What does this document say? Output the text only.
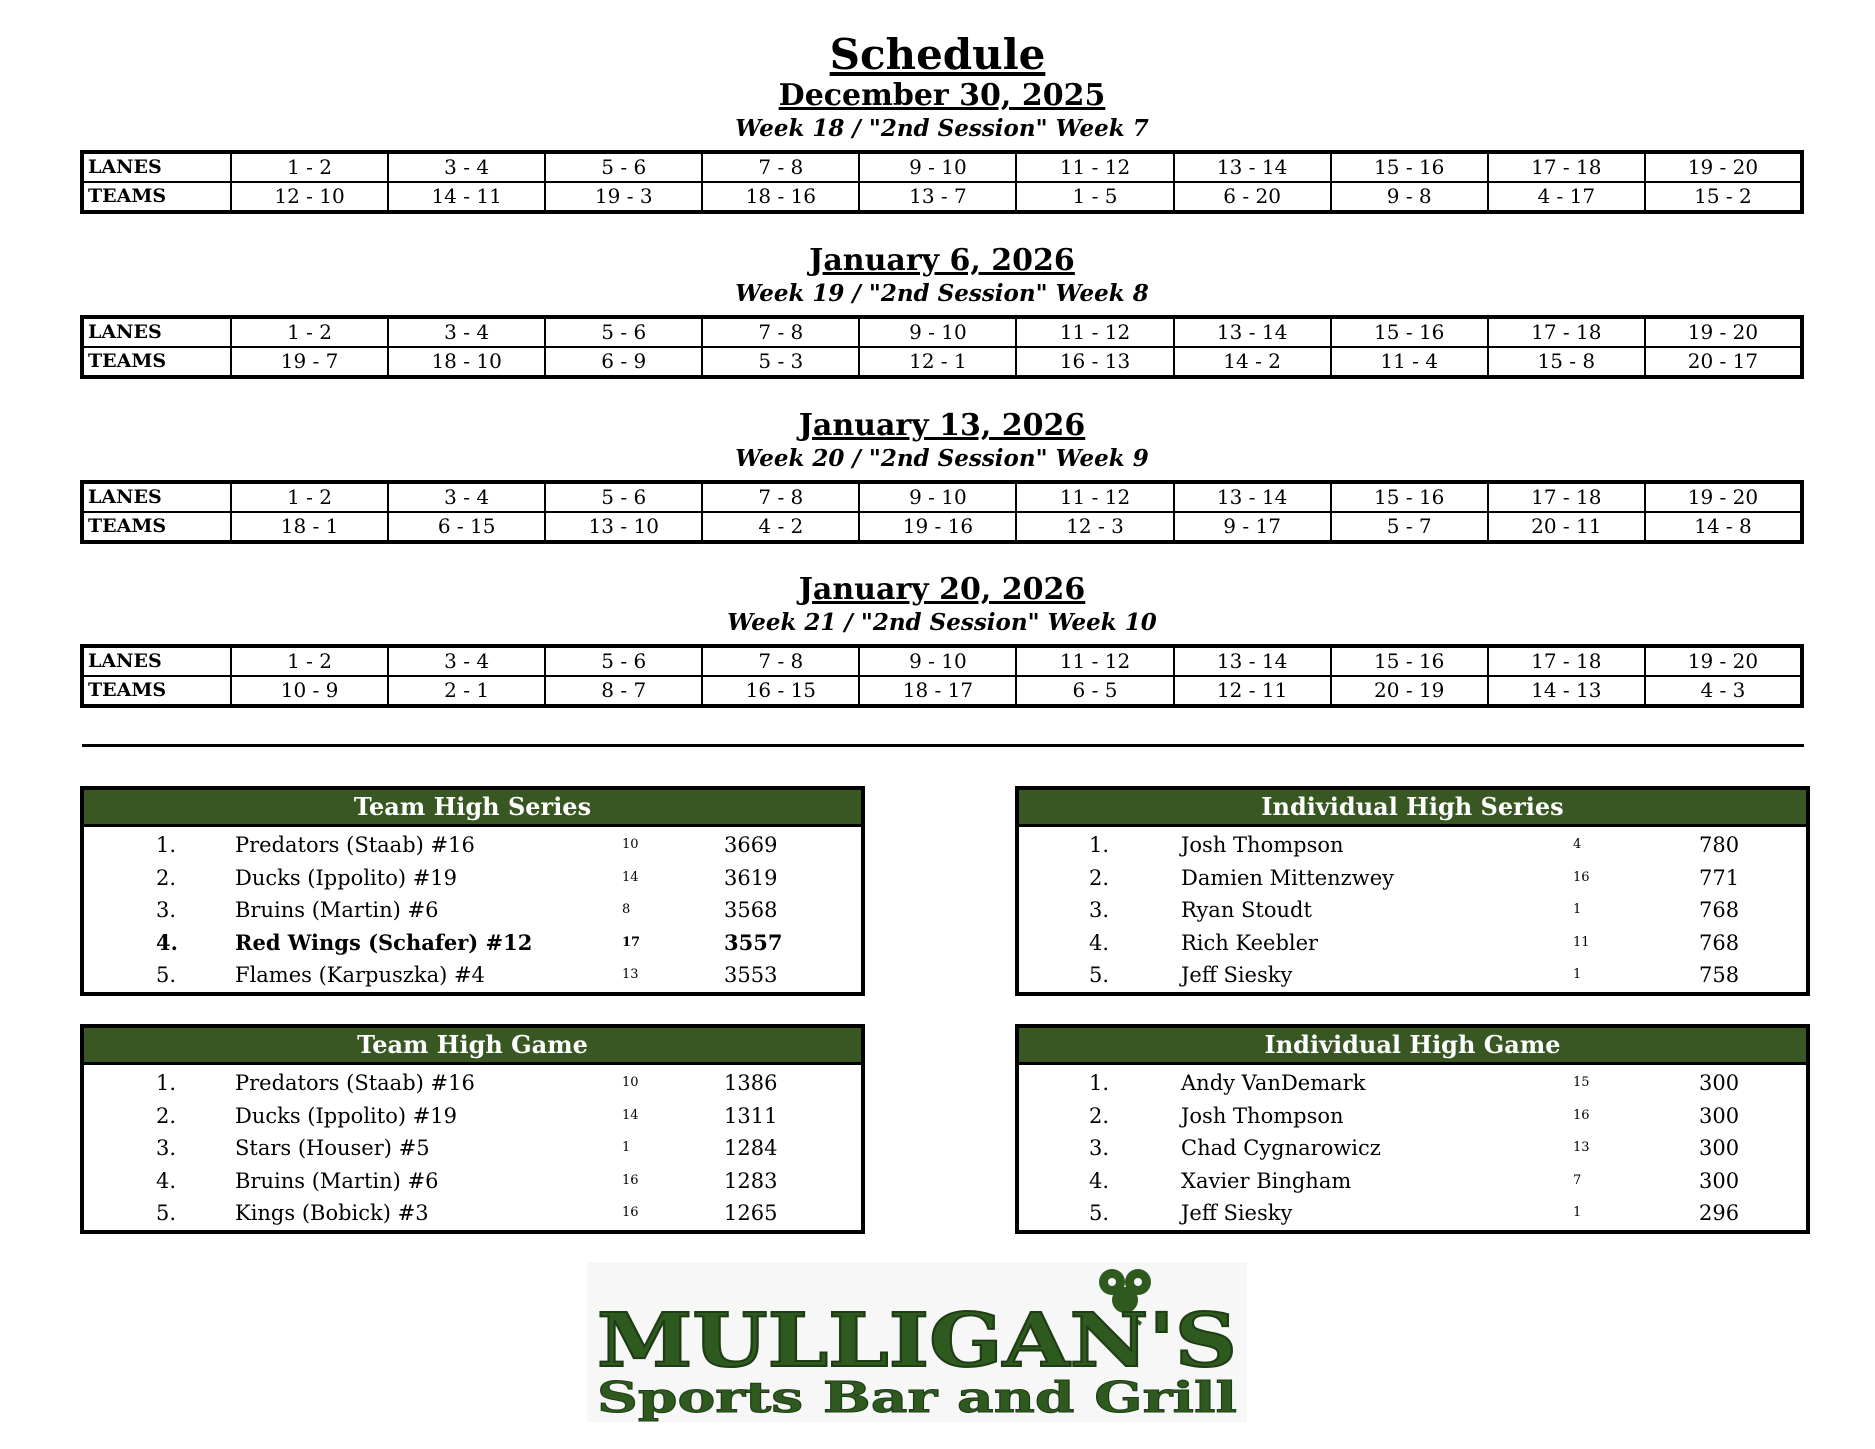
Schedule
December 30, 2025
Week 18 / "2nd Session" Week 7
LANES	1 - 2	3 - 4	5 - 6	7 - 8	9 - 10	11 - 12	13 - 14	15 - 16	17 - 18	19 - 20
TEAMS	12 - 10	14 - 11	19 - 3	18 - 16	13 - 7	1 - 5	6 - 20	9 - 8	4 - 17	15 - 2
January 6, 2026
Week 19 / "2nd Session" Week 8
LANES	1 - 2	3 - 4	5 - 6	7 - 8	9 - 10	11 - 12	13 - 14	15 - 16	17 - 18	19 - 20
TEAMS	19 - 7	18 - 10	6 - 9	5 - 3	12 - 1	16 - 13	14 - 2	11 - 4	15 - 8	20 - 17
January 13, 2026
Week 20 / "2nd Session" Week 9
LANES	1 - 2	3 - 4	5 - 6	7 - 8	9 - 10	11 - 12	13 - 14	15 - 16	17 - 18	19 - 20
TEAMS	18 - 1	6 - 15	13 - 10	4 - 2	19 - 16	12 - 3	9 - 17	5 - 7	20 - 11	14 - 8
January 20, 2026
Week 21 / "2nd Session" Week 10
LANES	1 - 2	3 - 4	5 - 6	7 - 8	9 - 10	11 - 12	13 - 14	15 - 16	17 - 18	19 - 20
TEAMS	10 - 9	2 - 1	8 - 7	16 - 15	18 - 17	6 - 5	12 - 11	20 - 19	14 - 13	4 - 3
Team High Series
1.	Predators (Staab) #16	10	3669
2.	Ducks (Ippolito) #19	14	3619
3.	Bruins (Martin) #6	8	3568
4.	Red Wings (Schafer) #12	17	3557
5.	Flames (Karpuszka) #4	13	3553
Individual High Series
1.	Josh Thompson	4	780
2.	Damien Mittenzwey	16	771
3.	Ryan Stoudt	1	768
4.	Rich Keebler	11	768
5.	Jeff Siesky	1	758
Team High Game
1.	Predators (Staab) #16	10	1386
2.	Ducks (Ippolito) #19	14	1311
3.	Stars (Houser) #5	1	1284
4.	Bruins (Martin) #6	16	1283
5.	Kings (Bobick) #3	16	1265
Individual High Game
1.	Andy VanDemark	15	300
2.	Josh Thompson	16	300
3.	Chad Cygnarowicz	13	300
4.	Xavier Bingham	7	300
5.	Jeff Siesky	1	296
MULLIGAN'S
Sports Bar and Grill
